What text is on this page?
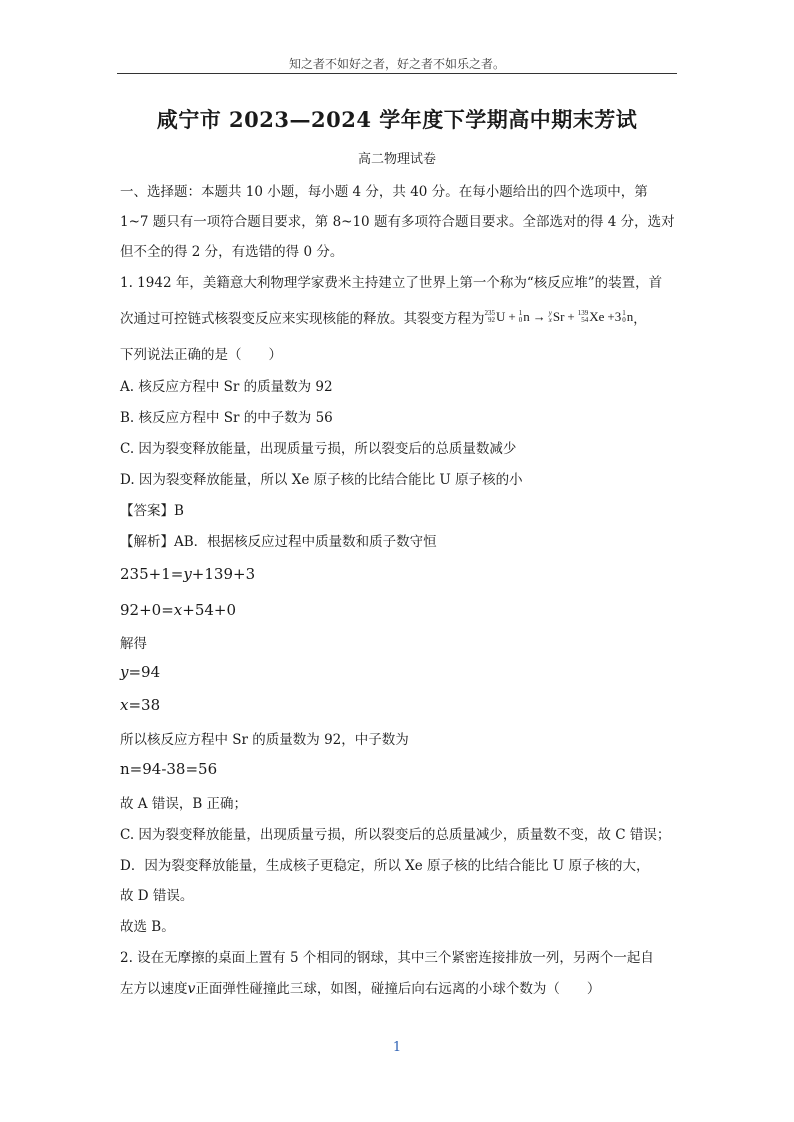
知之者不如好之者，好之者不如乐之者。
咸宁市 2023—2024 学年度下学期高中期末芳试
高二物理试卷
一、选择题：本题共 10 小题，每小题 4 分，共 40 分。在每小题给出的四个选项中，第
1~7 题只有一项符合题目要求，第 8~10 题有多项符合题目要求。全部选对的得 4 分，选对
但不全的得 2 分，有选错的得 0 分。
1. 1942 年，美籍意大利物理学家费米主持建立了世界上第一个称为“核反应堆”的装置，首
次通过可控链式核裂变反应来实现核能的释放。其裂变方程为 235
92 U + 1
0 n → y
x Sr + 139
54 Xe +3 1
0 n ，
下列说法正确的是（　　）
A. 核反应方程中 Sr 的质量数为 92
B. 核反应方程中 Sr 的中子数为 56
C. 因为裂变释放能量，出现质量亏损，所以裂变后的总质量数减少
D. 因为裂变释放能量，所以 Xe 原子核的比结合能比 U 原子核的小
【答案】B
【解析】AB．根据核反应过程中质量数和质子数守恒
235+1=y+139+3
92+0=x+54+0
解得
y=94
x=38
所以核反应方程中 Sr 的质量数为 92，中子数为
n=94-38=56
故 A 错误，B 正确；
C. 因为裂变释放能量，出现质量亏损，所以裂变后的总质量减少，质量数不变，故 C 错误；
D．因为裂变释放能量，生成核子更稳定，所以 Xe 原子核的比结合能比 U 原子核的大，
故 D 错误。
故选 B。
2. 设在无摩擦的桌面上置有 5 个相同的钢球，其中三个紧密连接排放一列，另两个一起自
左方以速度v正面弹性碰撞此三球，如图，碰撞后向右远离的小球个数为（　　）
1
